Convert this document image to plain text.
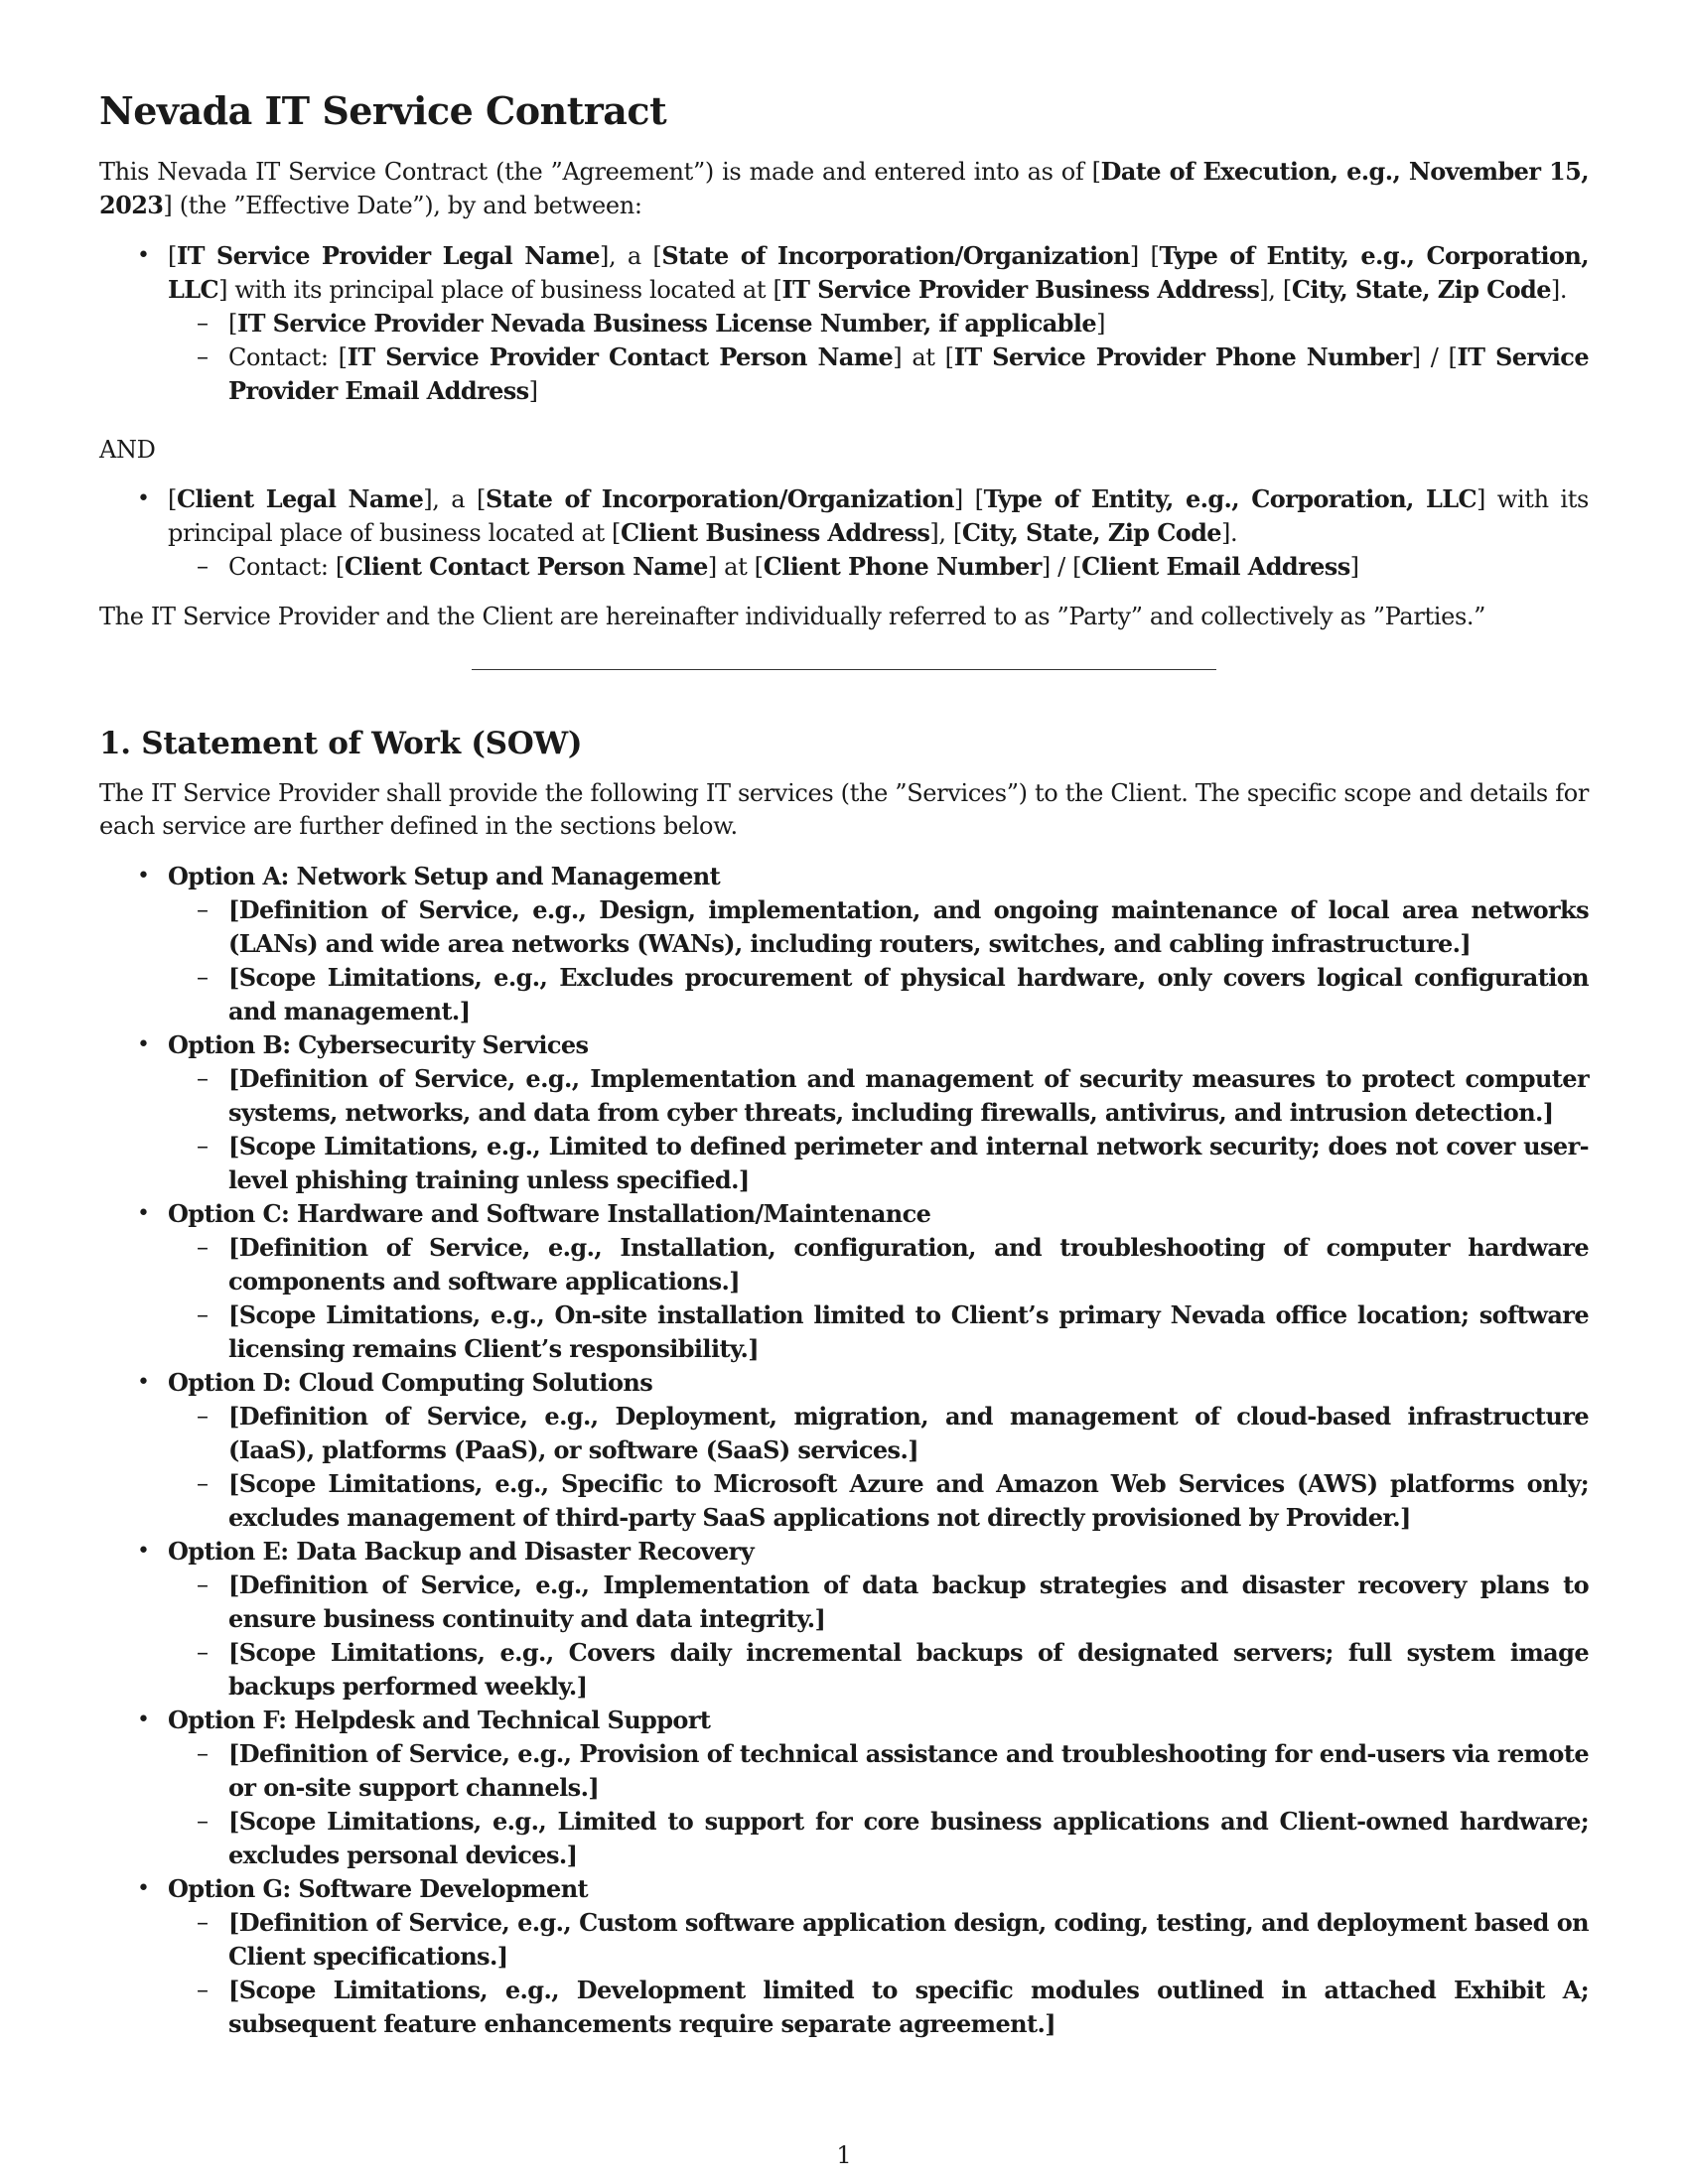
Nevada IT Service Contract

This Nevada IT Service Contract (the ”Agreement”) is made and entered into as of [Date of Execution, e.g., November 15, 2023] (the ”Effective Date”), by and between:

• [IT Service Provider Legal Name], a [State of Incorporation/Organization] [Type of Entity, e.g., Corporation, LLC] with its principal place of business located at [IT Service Provider Business Address], [City, State, Zip Code].
– [IT Service Provider Nevada Business License Number, if applicable]
– Contact: [IT Service Provider Contact Person Name] at [IT Service Provider Phone Number] / [IT Service Provider Email Address]

AND

• [Client Legal Name], a [State of Incorporation/Organization] [Type of Entity, e.g., Corporation, LLC] with its principal place of business located at [Client Business Address], [City, State, Zip Code].
– Contact: [Client Contact Person Name] at [Client Phone Number] / [Client Email Address]

The IT Service Provider and the Client are hereinafter individually referred to as ”Party” and collectively as ”Parties.”

1. Statement of Work (SOW)

The IT Service Provider shall provide the following IT services (the ”Services”) to the Client. The specific scope and details for each service are further defined in the sections below.

• Option A: Network Setup and Management
– [Definition of Service, e.g., Design, implementation, and ongoing maintenance of local area networks (LANs) and wide area networks (WANs), including routers, switches, and cabling infrastructure.]
– [Scope Limitations, e.g., Excludes procurement of physical hardware, only covers logical configuration and management.]
• Option B: Cybersecurity Services
– [Definition of Service, e.g., Implementation and management of security measures to protect computer systems, networks, and data from cyber threats, including firewalls, antivirus, and intrusion detection.]
– [Scope Limitations, e.g., Limited to defined perimeter and internal network security; does not cover user-level phishing training unless specified.]
• Option C: Hardware and Software Installation/Maintenance
– [Definition of Service, e.g., Installation, configuration, and troubleshooting of computer hardware components and software applications.]
– [Scope Limitations, e.g., On-site installation limited to Client’s primary Nevada office location; software licensing remains Client’s responsibility.]
• Option D: Cloud Computing Solutions
– [Definition of Service, e.g., Deployment, migration, and management of cloud-based infrastructure (IaaS), platforms (PaaS), or software (SaaS) services.]
– [Scope Limitations, e.g., Specific to Microsoft Azure and Amazon Web Services (AWS) platforms only; excludes management of third-party SaaS applications not directly provisioned by Provider.]
• Option E: Data Backup and Disaster Recovery
– [Definition of Service, e.g., Implementation of data backup strategies and disaster recovery plans to ensure business continuity and data integrity.]
– [Scope Limitations, e.g., Covers daily incremental backups of designated servers; full system image backups performed weekly.]
• Option F: Helpdesk and Technical Support
– [Definition of Service, e.g., Provision of technical assistance and troubleshooting for end-users via remote or on-site support channels.]
– [Scope Limitations, e.g., Limited to support for core business applications and Client-owned hardware; excludes personal devices.]
• Option G: Software Development
– [Definition of Service, e.g., Custom software application design, coding, testing, and deployment based on Client specifications.]
– [Scope Limitations, e.g., Development limited to specific modules outlined in attached Exhibit A; subsequent feature enhancements require separate agreement.]
1
